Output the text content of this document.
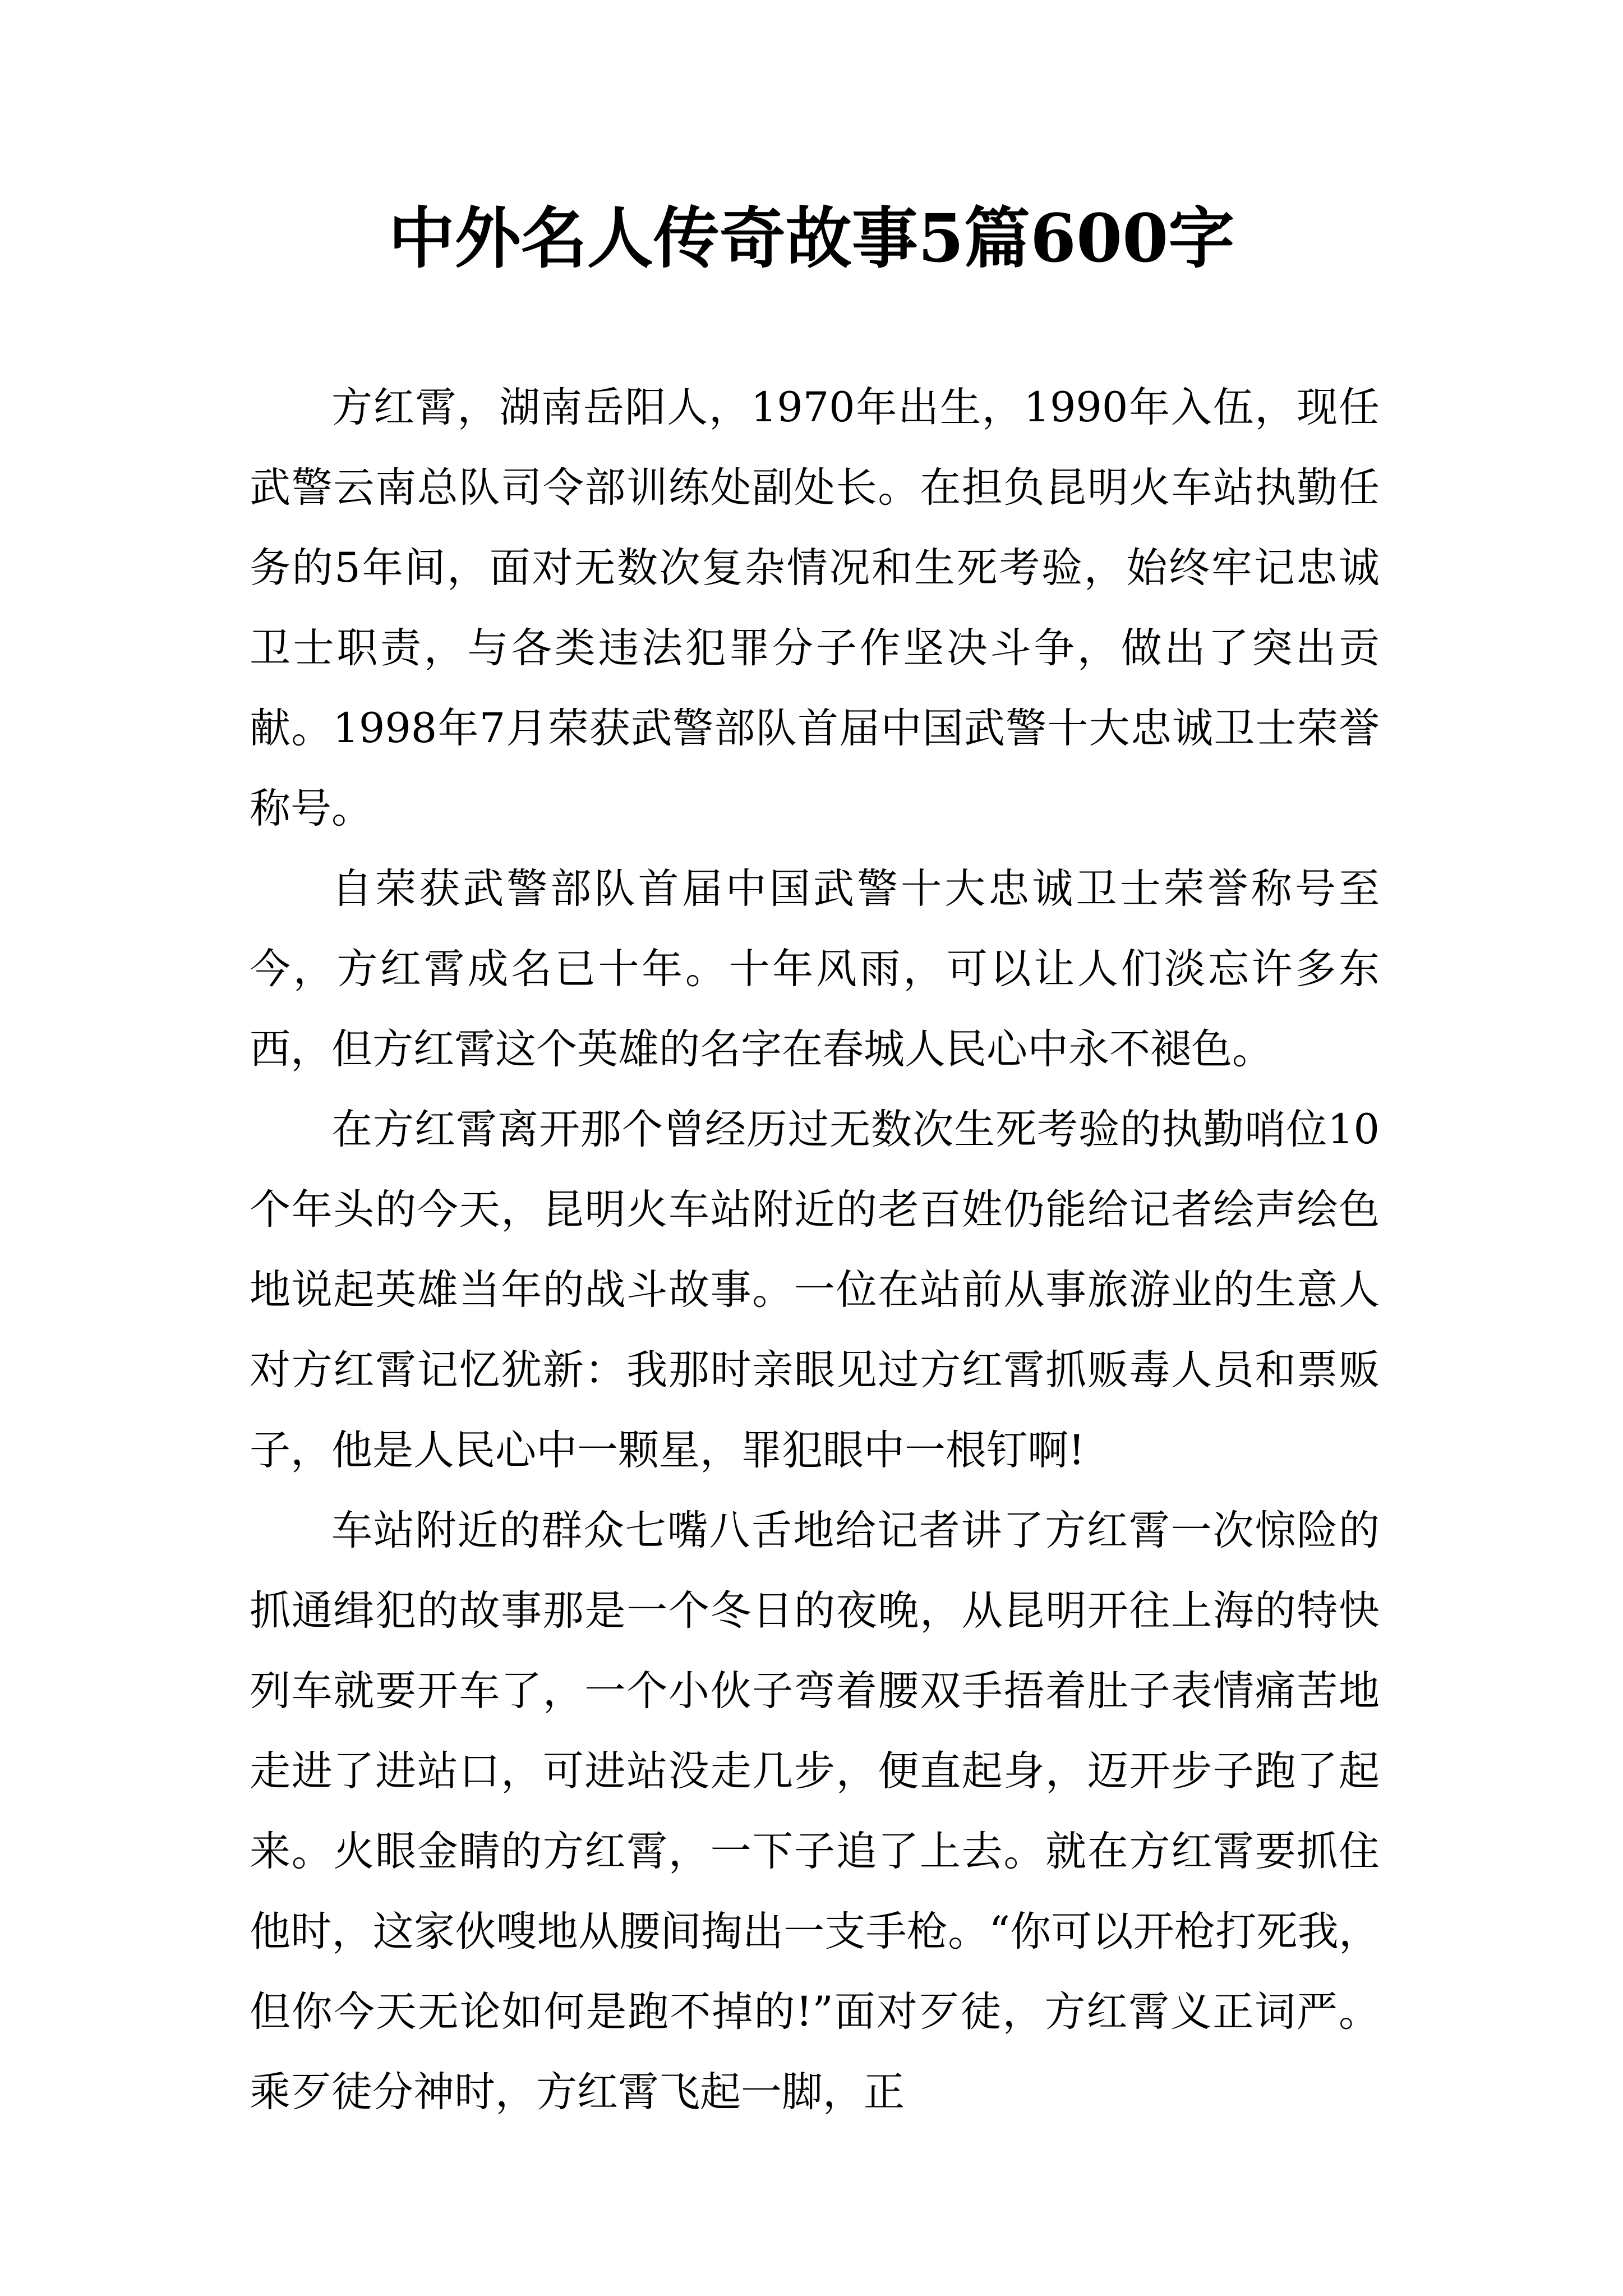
中外名人传奇故事5篇600字

方红霄，湖南岳阳人，1970年出生，1990年入伍，现任武警云南总队司令部训练处副处长。在担负昆明火车站执勤任务的5年间，面对无数次复杂情况和生死考验，始终牢记忠诚卫士职责，与各类违法犯罪分子作坚决斗争，做出了突出贡献。1998年7月荣获武警部队首届中国武警十大忠诚卫士荣誉称号。

自荣获武警部队首届中国武警十大忠诚卫士荣誉称号至今，方红霄成名已十年。十年风雨，可以让人们淡忘许多东西，但方红霄这个英雄的名字在春城人民心中永不褪色。

在方红霄离开那个曾经历过无数次生死考验的执勤哨位10个年头的今天，昆明火车站附近的老百姓仍能给记者绘声绘色地说起英雄当年的战斗故事。一位在站前从事旅游业的生意人对方红霄记忆犹新：我那时亲眼见过方红霄抓贩毒人员和票贩子，他是人民心中一颗星，罪犯眼中一根钉啊!

车站附近的群众七嘴八舌地给记者讲了方红霄一次惊险的抓通缉犯的故事那是一个冬日的夜晚，从昆明开往上海的特快列车就要开车了，一个小伙子弯着腰双手捂着肚子表情痛苦地走进了进站口，可进站没走几步，便直起身，迈开步子跑了起来。火眼金睛的方红霄，一下子追了上去。就在方红霄要抓住他时，这家伙嗖地从腰间掏出一支手枪。“你可以开枪打死我，但你今天无论如何是跑不掉的!”面对歹徒，方红霄义正词严。乘歹徒分神时，方红霄飞起一脚，正
